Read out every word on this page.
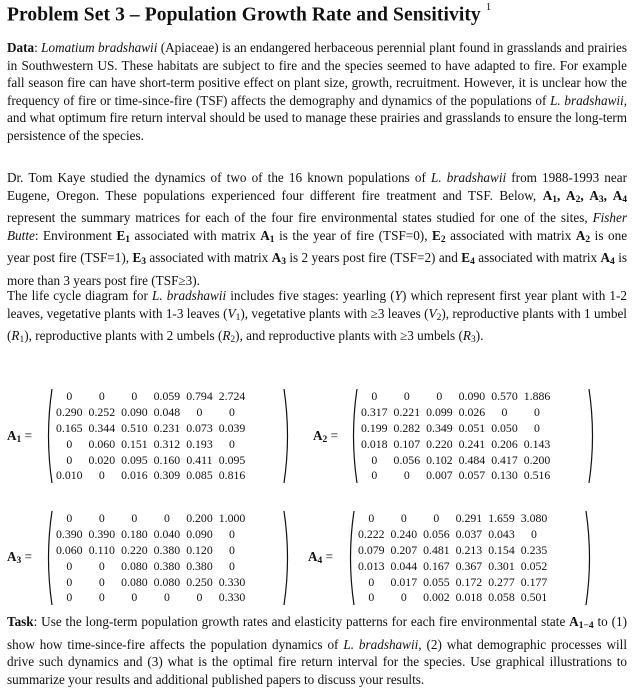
Problem Set 3 – Population Growth Rate and Sensitivity $^1$

Data: Lomatium bradshawii (Apiaceae) is an endangered herbaceous perennial plant found in grasslands and prairies in Southwestern US. These habitats are subject to fire and the species seemed to have adapted to fire. For example fall season fire can have short-term positive effect on plant size, growth, recruitment. However, it is unclear how the frequency of fire or time-since-fire (TSF) affects the demography and dynamics of the populations of L. bradshawii, and what optimum fire return interval should be used to manage these prairies and grasslands to ensure the long-term persistence of the species.

Dr. Tom Kaye studied the dynamics of two of the 16 known populations of L. bradshawii from 1988-1993 near Eugene, Oregon. These populations experienced four different fire treatment and TSF. Below, $A_1$, $A_2$, $A_3$, $A_4$ represent the summary matrices for each of the four fire environmental states studied for one of the sites, Fisher Butte: Environment $E_1$ associated with matrix $A_1$ is the year of fire (TSF=0), $E_2$ associated with matrix $A_2$ is one year post fire (TSF=1), $E_3$ associated with matrix $A_3$ is 2 years post fire (TSF=2) and $E_4$ associated with matrix $A_4$ is more than 3 years post fire (TSF≥3).

The life cycle diagram for L. bradshawii includes five stages: yearling (Y) which represent first year plant with 1-2 leaves, vegetative plants with 1-3 leaves $(V_1)$, vegetative plants with ≥3 leaves $(V_2)$, reproductive plants with 1 umbel $(R_1)$, reproductive plants with 2 umbels $(R_2)$, and reproductive plants with ≥3 umbels $(R_3)$.

$A_1$ =
0	0	0	0.059	0.794	2.724
0.290	0.252	0.090	0.048	0	0
0.165	0.344	0.510	0.231	0.073	0.039
0	0.060	0.151	0.312	0.193	0
0	0.020	0.095	0.160	0.411	0.095
0.010	0	0.016	0.309	0.085	0.816
$A_2$ =
0	0	0	0.090	0.570	1.886
0.317	0.221	0.099	0.026	0	0
0.199	0.282	0.349	0.051	0.050	0
0.018	0.107	0.220	0.241	0.206	0.143
0	0.056	0.102	0.484	0.417	0.200
0	0	0.007	0.057	0.130	0.516
$A_3$ =
0	0	0	0	0.200	1.000
0.390	0.390	0.180	0.040	0.090	0
0.060	0.110	0.220	0.380	0.120	0
0	0	0.080	0.380	0.380	0
0	0	0.080	0.080	0.250	0.330
0	0	0	0	0	0.330
$A_4$ =
0	0	0	0.291	1.659	3.080
0.222	0.240	0.056	0.037	0.043	0
0.079	0.207	0.481	0.213	0.154	0.235
0.013	0.044	0.167	0.367	0.301	0.052
0	0.017	0.055	0.172	0.277	0.177
0	0	0.002	0.018	0.058	0.501

Task: Use the long-term population growth rates and elasticity patterns for each fire environmental state $A_{1-4}$ to (1) show how time-since-fire affects the population dynamics of L. bradshawii, (2) what demographic processes will drive such dynamics and (3) what is the optimal fire return interval for the species. Use graphical illustrations to summarize your results and additional published papers to discuss your results.
